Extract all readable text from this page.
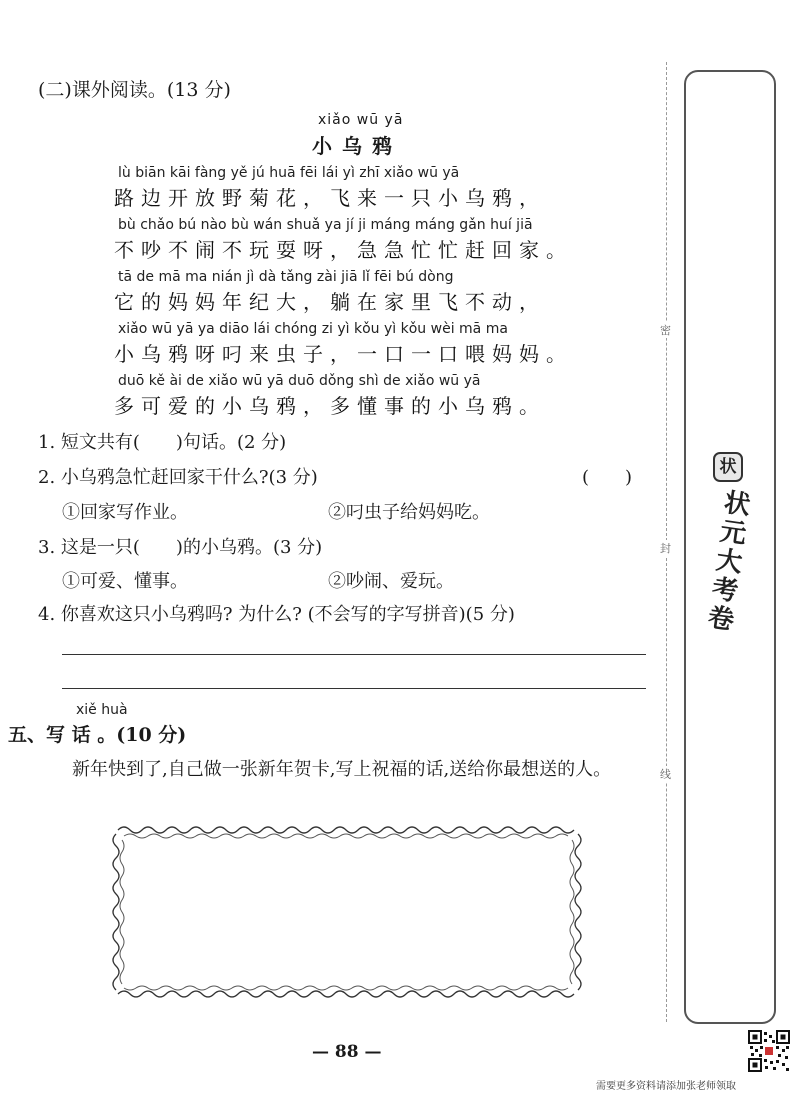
(二)课外阅读。(13 分)
xiǎo wū yā
小乌鸦
lù biān kāi fàng yě jú huā fēi lái yì zhī xiǎo wū yā
路边开放野菊花，飞来一只小乌鸦，
bù chǎo bú nào bù wán shuǎ ya jí ji máng máng gǎn huí jiā
不吵不闹不玩耍呀，急急忙忙赶回家。
tā de mā ma nián jì dà tǎng zài jiā lǐ fēi bú dòng
它的妈妈年纪大，躺在家里飞不动，
xiǎo wū yā ya diāo lái chóng zi yì kǒu yì kǒu wèi mā ma
小乌鸦呀叼来虫子，一口一口喂妈妈。
duō kě ài de xiǎo wū yā duō dǒng shì de xiǎo wū yā
多可爱的小乌鸦，多懂事的小乌鸦。
1. 短文共有(　　)句话。(2 分)
2. 小乌鸦急忙赶回家干什么?(3 分)	(　　)
①回家写作业。	②叼虫子给妈妈吃。
3. 这是一只(　　)的小乌鸦。(3 分)
①可爱、懂事。	②吵闹、爱玩。
4. 你喜欢这只小乌鸦吗? 为什么? (不会写的字写拼音)(5 分)
xiě huà
五、写 话 。(10 分)
新年快到了,自己做一张新年贺卡,写上祝福的话,送给你最想送的人。
— 88 —
密
封
线
状
状元大考卷
需要更多资料请添加张老师领取
